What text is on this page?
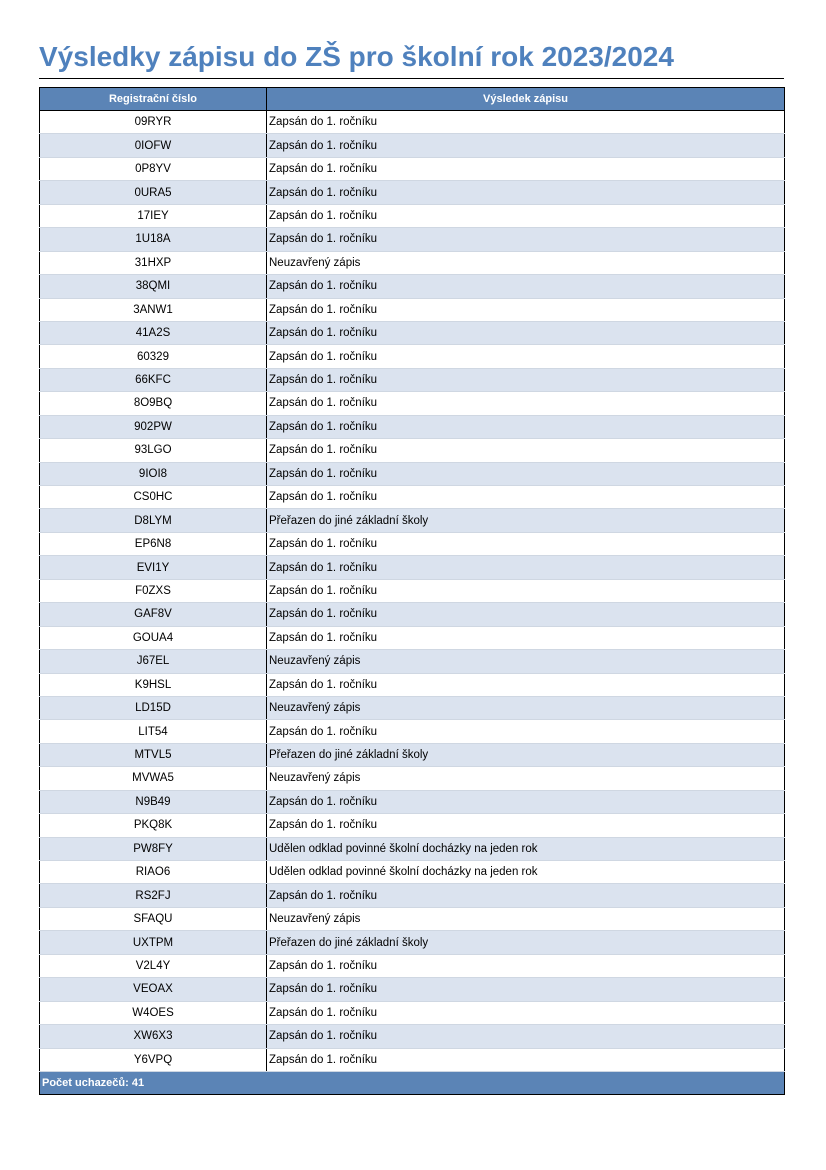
Výsledky zápisu do ZŠ pro školní rok 2023/2024
Registrační číslo	Výsledek zápisu
09RYR	Zapsán do 1. ročníku
0IOFW	Zapsán do 1. ročníku
0P8YV	Zapsán do 1. ročníku
0URA5	Zapsán do 1. ročníku
17IEY	Zapsán do 1. ročníku
1U18A	Zapsán do 1. ročníku
31HXP	Neuzavřený zápis
38QMI	Zapsán do 1. ročníku
3ANW1	Zapsán do 1. ročníku
41A2S	Zapsán do 1. ročníku
60329	Zapsán do 1. ročníku
66KFC	Zapsán do 1. ročníku
8O9BQ	Zapsán do 1. ročníku
902PW	Zapsán do 1. ročníku
93LGO	Zapsán do 1. ročníku
9IOI8	Zapsán do 1. ročníku
CS0HC	Zapsán do 1. ročníku
D8LYM	Přeřazen do jiné základní školy
EP6N8	Zapsán do 1. ročníku
EVI1Y	Zapsán do 1. ročníku
F0ZXS	Zapsán do 1. ročníku
GAF8V	Zapsán do 1. ročníku
GOUA4	Zapsán do 1. ročníku
J67EL	Neuzavřený zápis
K9HSL	Zapsán do 1. ročníku
LD15D	Neuzavřený zápis
LIT54	Zapsán do 1. ročníku
MTVL5	Přeřazen do jiné základní školy
MVWA5	Neuzavřený zápis
N9B49	Zapsán do 1. ročníku
PKQ8K	Zapsán do 1. ročníku
PW8FY	Udělen odklad povinné školní docházky na jeden rok
RIAO6	Udělen odklad povinné školní docházky na jeden rok
RS2FJ	Zapsán do 1. ročníku
SFAQU	Neuzavřený zápis
UXTPM	Přeřazen do jiné základní školy
V2L4Y	Zapsán do 1. ročníku
VEOAX	Zapsán do 1. ročníku
W4OES	Zapsán do 1. ročníku
XW6X3	Zapsán do 1. ročníku
Y6VPQ	Zapsán do 1. ročníku
Počet uchazečů: 41	
